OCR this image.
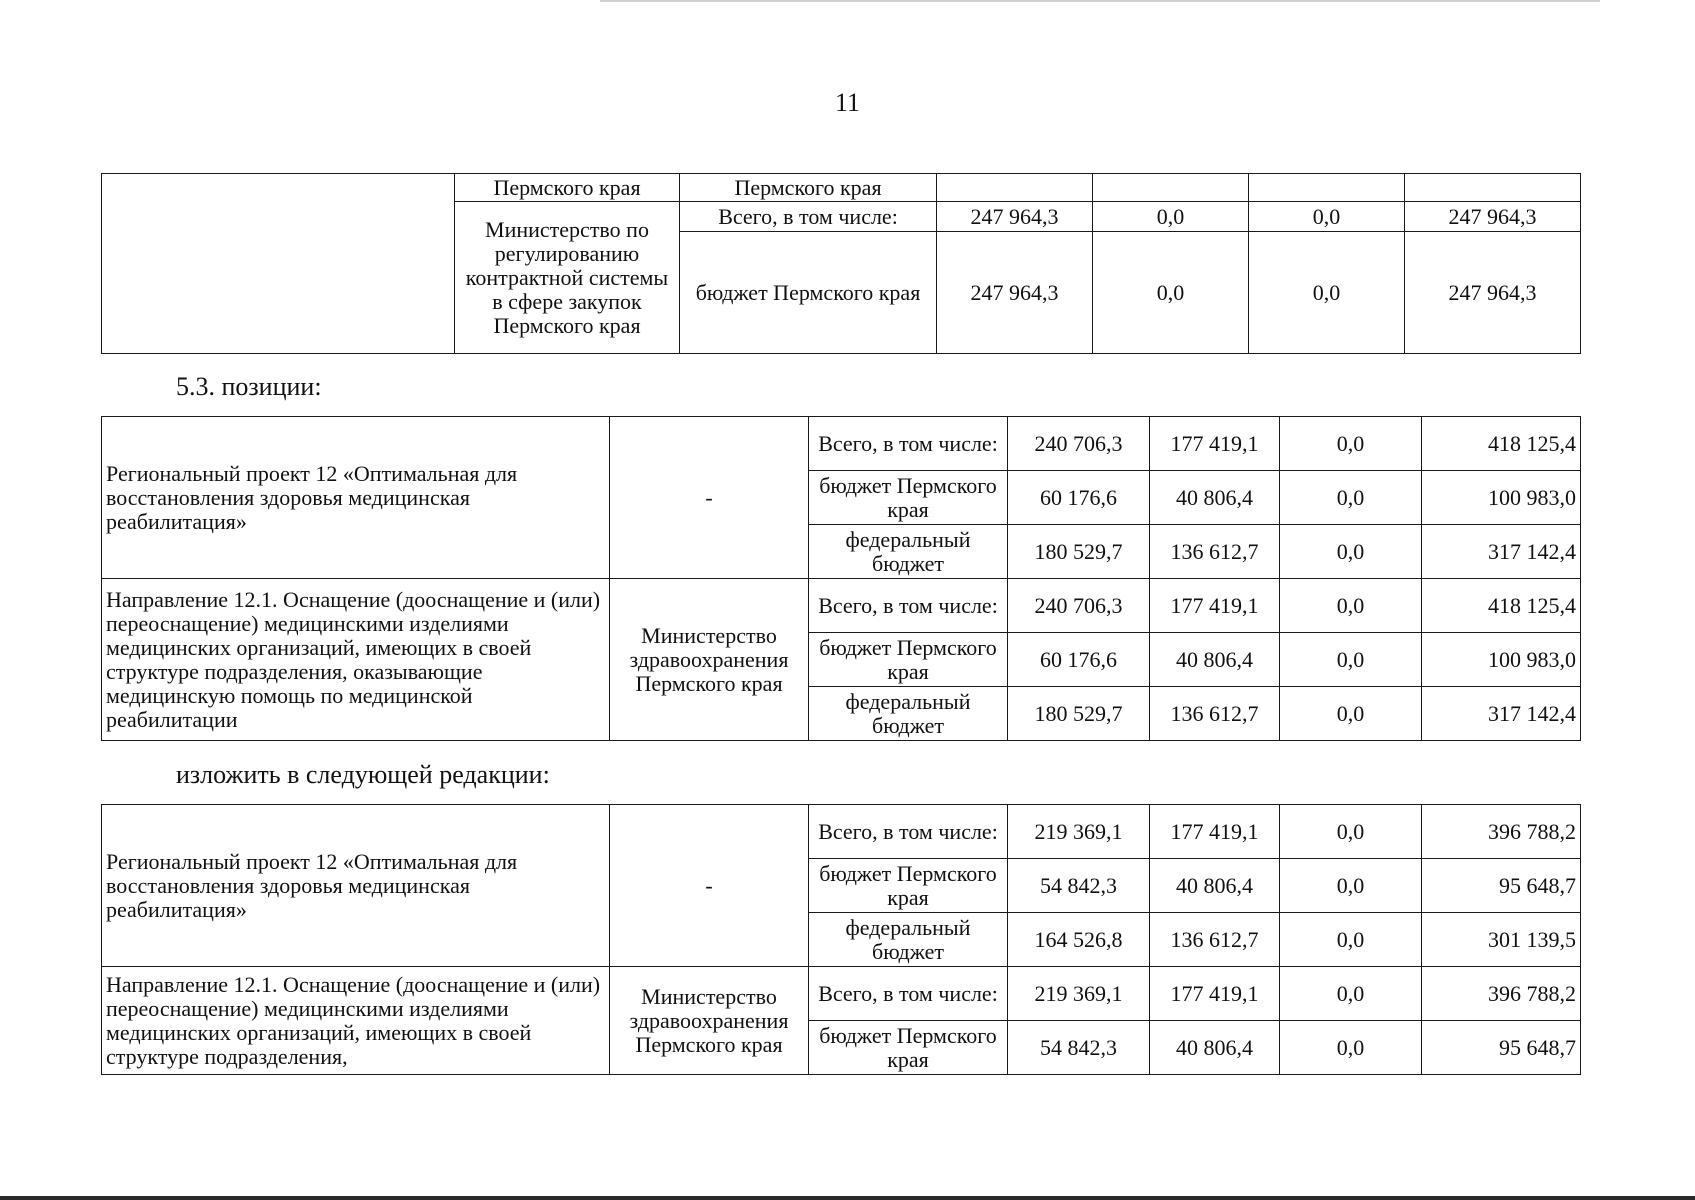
11
	Пермского края	Пермского края				
	Министерство по регулированию контрактной системы в сфере закупок Пермского края	Всего, в том числе:	247 964,3	0,0	0,0	247 964,3
		бюджет Пермского края	247 964,3	0,0	0,0	247 964,3
5.3. позиции:
Региональный проект 12 «Оптимальная для восстановления здоровья медицинская реабилитация»	-	Всего, в том числе:	240 706,3	177 419,1	0,0	418 125,4
		бюджет Пермского края	60 176,6	40 806,4	0,0	100 983,0
		федеральный бюджет	180 529,7	136 612,7	0,0	317 142,4
Направление 12.1. Оснащение (дооснащение и (или) переоснащение) медицинскими изделиями медицинских организаций, имеющих в своей структуре подразделения, оказывающие медицинскую помощь по медицинской реабилитации	Министерство здравоохранения Пермского края	Всего, в том числе:	240 706,3	177 419,1	0,0	418 125,4
		бюджет Пермского края	60 176,6	40 806,4	0,0	100 983,0
		федеральный бюджет	180 529,7	136 612,7	0,0	317 142,4
изложить в следующей редакции:
Региональный проект 12 «Оптимальная для восстановления здоровья медицинская реабилитация»	-	Всего, в том числе:	219 369,1	177 419,1	0,0	396 788,2
		бюджет Пермского края	54 842,3	40 806,4	0,0	95 648,7
		федеральный бюджет	164 526,8	136 612,7	0,0	301 139,5
Направление 12.1. Оснащение (дооснащение и (или) переоснащение) медицинскими изделиями медицинских организаций, имеющих в своей структуре подразделения,	Министерство здравоохранения Пермского края	Всего, в том числе:	219 369,1	177 419,1	0,0	396 788,2
		бюджет Пермского края	54 842,3	40 806,4	0,0	95 648,7
